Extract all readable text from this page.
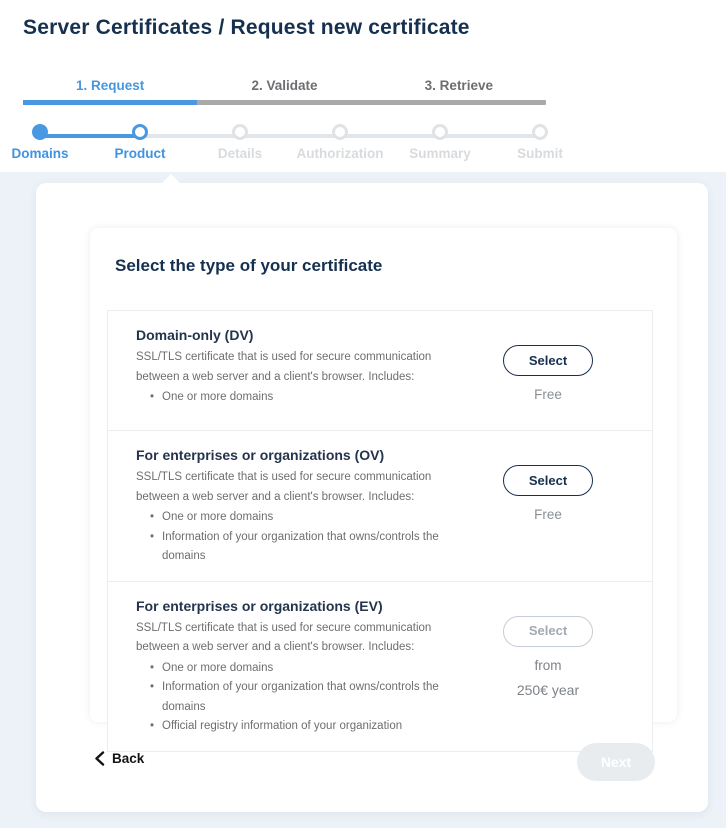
Server Certificates / Request new certificate
1. Request	2. Validate	3. Retrieve
Domains	Product	Details	Authorization	Summary	Submit
Select the type of your certificate
Domain-only (DV)
SSL/TLS certificate that is used for secure communication between a web server and a client's browser. Includes:
• One or more domains
Select
Free
For enterprises or organizations (OV)
SSL/TLS certificate that is used for secure communication between a web server and a client's browser. Includes:
• One or more domains
• Information of your organization that owns/controls the domains
Select
Free
For enterprises or organizations (EV)
SSL/TLS certificate that is used for secure communication between a web server and a client's browser. Includes:
• One or more domains
• Information of your organization that owns/controls the domains
• Official registry information of your organization
Select
from
250€ year
Back	Next
